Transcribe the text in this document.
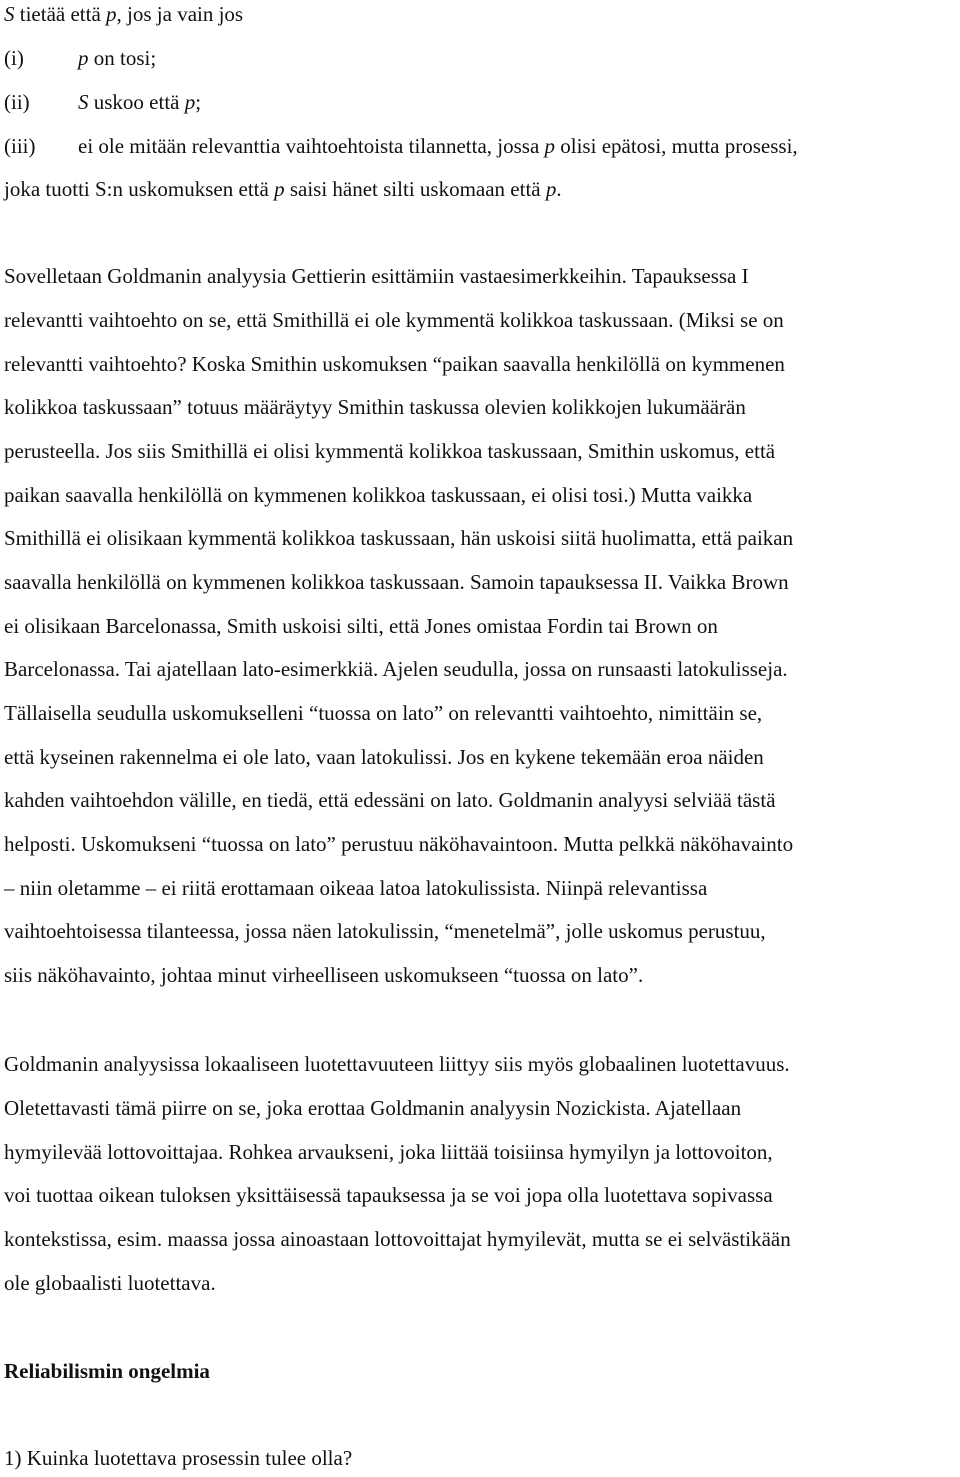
S tietää että p, jos ja vain jos
(i)	p on tosi;
(ii) S uskoo että p;
(iii) ei ole mitään relevanttia vaihtoehtoista tilannetta, jossa p olisi epätosi, mutta prosessi,
joka tuotti S:n uskomuksen että p saisi hänet silti uskomaan että p.
Sovelletaan Goldmanin analyysia Gettierin esittämiin vastaesimerkkeihin. Tapauksessa I
relevantti vaihtoehto on se, että Smithillä ei ole kymmentä kolikkoa taskussaan. (Miksi se on
relevantti vaihtoehto? Koska Smithin uskomuksen “paikan saavalla henkilöllä on kymmenen
kolikkoa taskussaan” totuus määräytyy Smithin taskussa olevien kolikkojen lukumäärän
perusteella. Jos siis Smithillä ei olisi kymmentä kolikkoa taskussaan, Smithin uskomus, että
paikan saavalla henkilöllä on kymmenen kolikkoa taskussaan, ei olisi tosi.) Mutta vaikka
Smithillä ei olisikaan kymmentä kolikkoa taskussaan, hän uskoisi siitä huolimatta, että paikan
saavalla henkilöllä on kymmenen kolikkoa taskussaan. Samoin tapauksessa II. Vaikka Brown
ei olisikaan Barcelonassa, Smith uskoisi silti, että Jones omistaa Fordin tai Brown on
Barcelonassa. Tai ajatellaan lato-esimerkkiä. Ajelen seudulla, jossa on runsaasti latokulisseja.
Tällaisella seudulla uskomukselleni “tuossa on lato” on relevantti vaihtoehto, nimittäin se,
että kyseinen rakennelma ei ole lato, vaan latokulissi. Jos en kykene tekemään eroa näiden
kahden vaihtoehdon välille, en tiedä, että edessäni on lato. Goldmanin analyysi selviää tästä
helposti. Uskomukseni “tuossa on lato” perustuu näköhavaintoon. Mutta pelkkä näköhavainto
– niin oletamme – ei riitä erottamaan oikeaa latoa latokulissista. Niinpä relevantissa
vaihtoehtoisessa tilanteessa, jossa näen latokulissin, “menetelmä”, jolle uskomus perustuu,
siis näköhavainto, johtaa minut virheelliseen uskomukseen “tuossa on lato”.
Goldmanin analyysissa lokaaliseen luotettavuuteen liittyy siis myös globaalinen luotettavuus.
Oletettavasti tämä piirre on se, joka erottaa Goldmanin analyysin Nozickista. Ajatellaan
hymyilevää lottovoittajaa. Rohkea arvaukseni, joka liittää toisiinsa hymyilyn ja lottovoiton,
voi tuottaa oikean tuloksen yksittäisessä tapauksessa ja se voi jopa olla luotettava sopivassa
kontekstissa, esim. maassa jossa ainoastaan lottovoittajat hymyilevät, mutta se ei selvästikään
ole globaalisti luotettava.
Reliabilismin ongelmia
1) Kuinka luotettava prosessin tulee olla?
